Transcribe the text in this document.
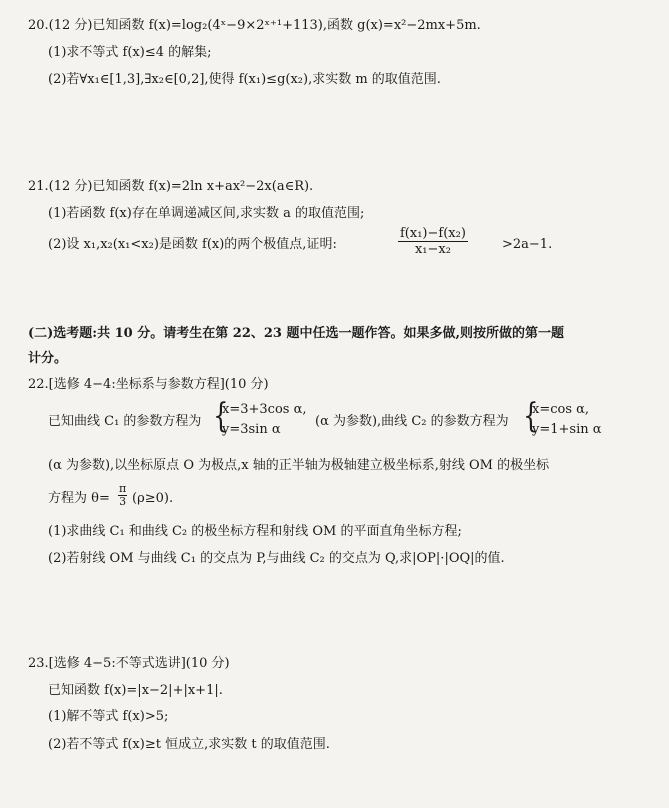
20.(12 分)已知函数 f(x)=log₂(4ˣ−9×2ˣ⁺¹+113),函数 g(x)=x²−2mx+5m.
(1)求不等式 f(x)≤4 的解集;
(2)若∀x₁∈[1,3],∃x₂∈[0,2],使得 f(x₁)≤g(x₂),求实数 m 的取值范围.
21.(12 分)已知函数 f(x)=2ln x+ax²−2x(a∈R).
(1)若函数 f(x)存在单调递减区间,求实数 a 的取值范围;
(2)设 x₁,x₂(x₁<x₂)是函数 f(x)的两个极值点,证明:	$\frac{\text{f(x₁)−f(x₂)}}{\text{x₁−x₂}}$	>2a−1.
(二)选考题:共 10 分。请考生在第 22、23 题中任选一题作答。如果多做,则按所做的第一题
计分。
22.[选修 4−4:坐标系与参数方程](10 分)
已知曲线 C₁ 的参数方程为 {
x=3+3cos α,
y=3sin α
(α 为参数),曲线 C₂ 的参数方程为 {
x=cos α,
y=1+sin α
(α 为参数),以坐标原点 O 为极点,x 轴的正半轴为极轴建立极坐标系,射线 OM 的极坐标
方程为 $\theta= \frac{\pi}{3} (\rho\ge 0)$.
(1)求曲线 C₁ 和曲线 C₂ 的极坐标方程和射线 OM 的平面直角坐标方程;
(2)若射线 OM 与曲线 C₁ 的交点为 P,与曲线 C₂ 的交点为 Q,求|OP|·|OQ|的值.
23.[选修 4−5:不等式选讲](10 分)
已知函数 f(x)=|x−2|+|x+1|.
(1)解不等式 f(x)>5;
(2)若不等式 f(x)≥t 恒成立,求实数 t 的取值范围.
